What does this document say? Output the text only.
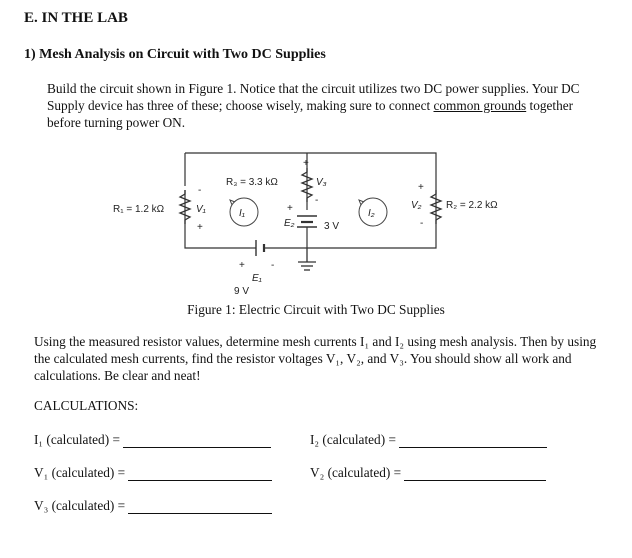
E. IN THE LAB
1) Mesh Analysis on Circuit with Two DC Supplies
Build the circuit shown in Figure 1. Notice that the circuit utilizes two DC power supplies. Your DC Supply device has three of these; choose wisely, making sure to connect common grounds together before turning power ON.
R₁ = 1.2 kΩ	V₁
-
+
R₃ = 3.3 kΩ	V₃
+
-
I₁	I₂
+
E₂	3 V
+
V₂
-
R₂ = 2.2 kΩ
+	-
E₁
9 V
Figure 1: Electric Circuit with Two DC Supplies
Using the measured resistor values, determine mesh currents I₁ and I₂ using mesh analysis. Then by using the calculated mesh currents, find the resistor voltages V₁, V₂, and V₃. You should show all work and calculations. Be clear and neat!
CALCULATIONS:
I₁ (calculated) =	I₂ (calculated) =
V₁ (calculated) =	V₂ (calculated) =
V₃ (calculated) =
